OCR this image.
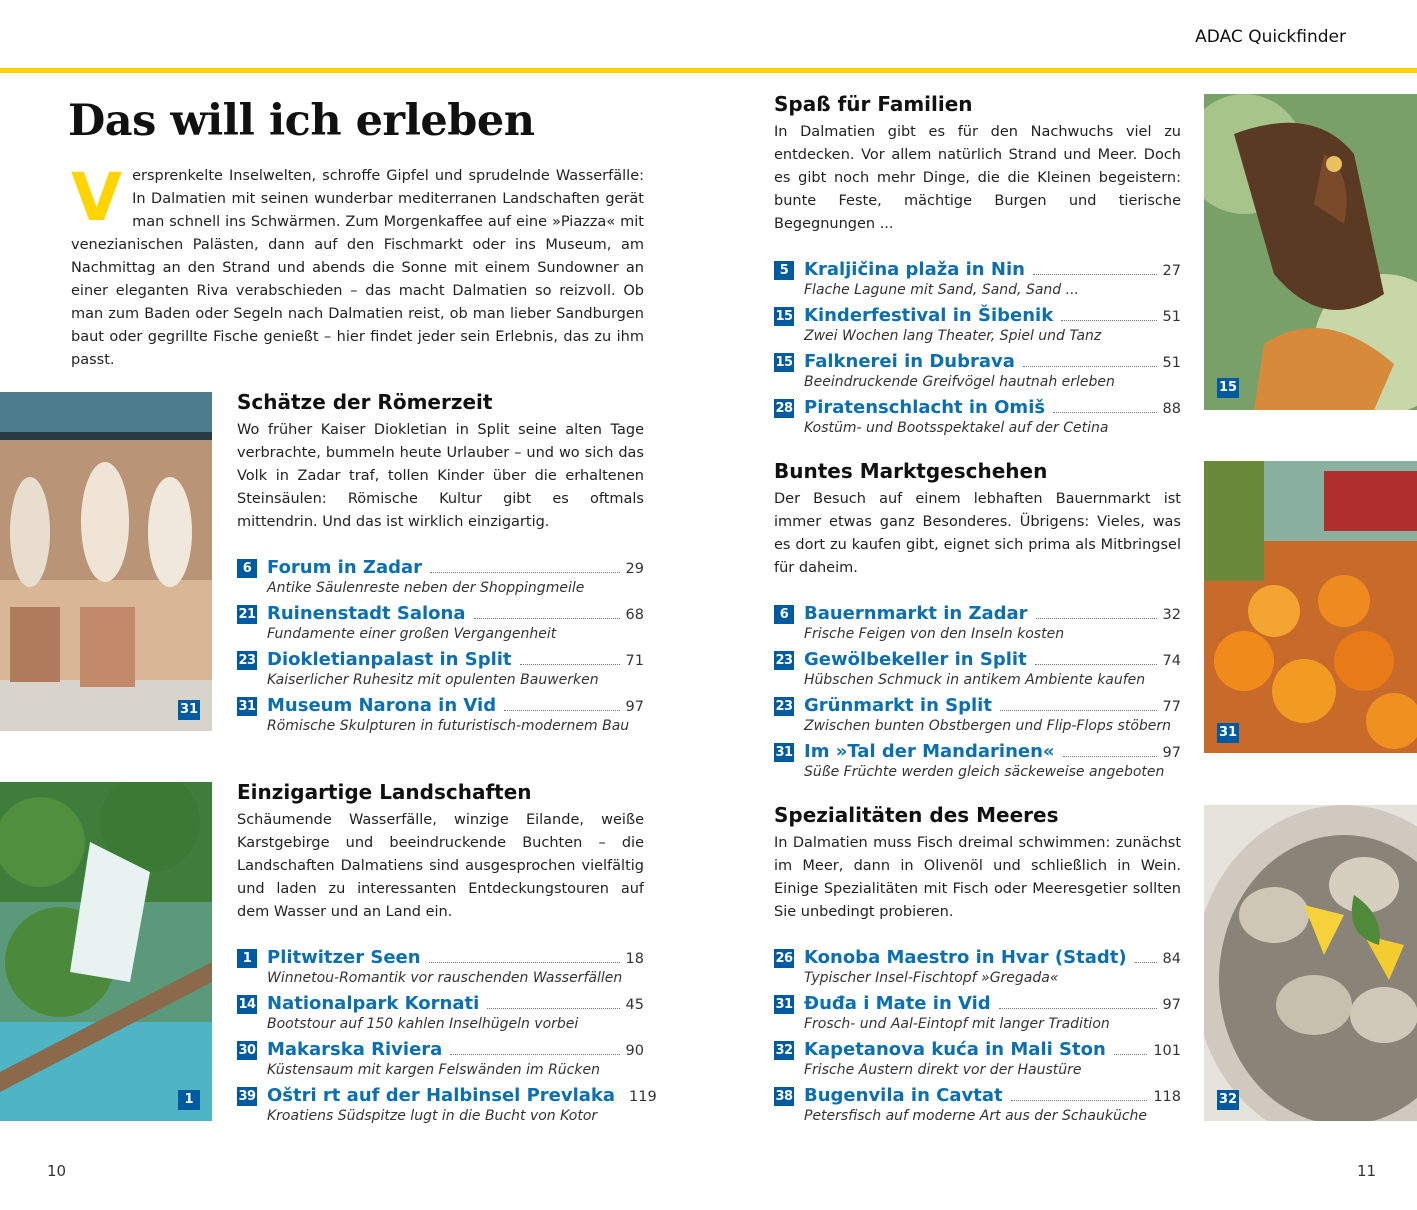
ADAC Quickfinder
Das will ich erleben

Versprenkelte Inselwelten, schroffe Gipfel und sprudelnde Wasserfälle: In Dalmatien mit seinen wunderbar mediterranen Landschaften gerät man schnell ins Schwärmen. Zum Morgenkaffee auf eine »Piazza« mit venezianischen Palästen, dann auf den Fischmarkt oder ins Museum, am Nachmittag an den Strand und abends die Sonne mit einem Sundowner an einer eleganten Riva verabschieden – das macht Dalmatien so reizvoll. Ob man zum Baden oder Segeln nach Dalmatien reist, ob man lieber Sandburgen baut oder gegrillte Fische genießt – hier findet jeder sein Erlebnis, das zu ihm passt.

31
1
15
31
32
Schätze der Römerzeit

Wo früher Kaiser Diokletian in Split seine alten Tage verbrachte, bummeln heute Urlauber – und wo sich das Volk in Zadar traf, tollen Kinder über die erhaltenen Steinsäulen: Römische Kultur gibt es oftmals mittendrin. Und das ist wirklich einzigartig.

6 Forum in Zadar	29
Antike Säulenreste neben der Shoppingmeile
21 Ruinenstadt Salona	68
Fundamente einer großen Vergangenheit
23 Diokletianpalast in Split	71
Kaiserlicher Ruhesitz mit opulenten Bauwerken
31 Museum Narona in Vid	97
Römische Skulpturen in futuristisch-modernem Bau
Einzigartige Landschaften

Schäumende Wasserfälle, winzige Eilande, weiße Karstgebirge und beeindruckende Buchten – die Landschaften Dalmatiens sind ausgesprochen vielfältig und laden zu interessanten Entdeckungstouren auf dem Wasser und an Land ein.

1 Plitwitzer Seen	18
Winnetou-Romantik vor rauschenden Wasserfällen
14 Nationalpark Kornati	45
Bootstour auf 150 kahlen Inselhügeln vorbei
30 Makarska Riviera	90
Küstensaum mit kargen Felswänden im Rücken
39 Oštri rt auf der Halbinsel Prevlaka 119
Kroatiens Südspitze lugt in die Bucht von Kotor
Spaß für Familien

In Dalmatien gibt es für den Nachwuchs viel zu entdecken. Vor allem natürlich Strand und Meer. Doch es gibt noch mehr Dinge, die die Kleinen begeistern: bunte Feste, mächtige Burgen und tierische Begegnungen ...

5 Kraljičina plaža in Nin	27
Flache Lagune mit Sand, Sand, Sand ...
15 Kinderfestival in Šibenik	51
Zwei Wochen lang Theater, Spiel und Tanz
15 Falknerei in Dubrava	51
Beeindruckende Greifvögel hautnah erleben
28 Piratenschlacht in Omiš	88
Kostüm- und Bootsspektakel auf der Cetina
Buntes Marktgeschehen

Der Besuch auf einem lebhaften Bauernmarkt ist immer etwas ganz Besonderes. Übrigens: Vieles, was es dort zu kaufen gibt, eignet sich prima als Mitbringsel für daheim.

6 Bauernmarkt in Zadar	32
Frische Feigen von den Inseln kosten
23 Gewölbekeller in Split	74
Hübschen Schmuck in antikem Ambiente kaufen
23 Grünmarkt in Split	77
Zwischen bunten Obstbergen und Flip-Flops stöbern
31 Im »Tal der Mandarinen«	97
Süße Früchte werden gleich säckeweise angeboten
Spezialitäten des Meeres

In Dalmatien muss Fisch dreimal schwimmen: zunächst im Meer, dann in Olivenöl und schließlich in Wein. Einige Spezialitäten mit Fisch oder Meeresgetier sollten Sie unbedingt probieren.

26 Konoba Maestro in Hvar (Stadt) 84
Typischer Insel-Fischtopf »Gregada«
31 Đuđa i Mate in Vid	97
Frosch- und Aal-Eintopf mit langer Tradition
32 Kapetanova kuća in Mali Ston	101
Frische Austern direkt vor der Haustüre
38 Bugenvila in Cavtat	118
Petersfisch auf moderne Art aus der Schauküche
10	11
